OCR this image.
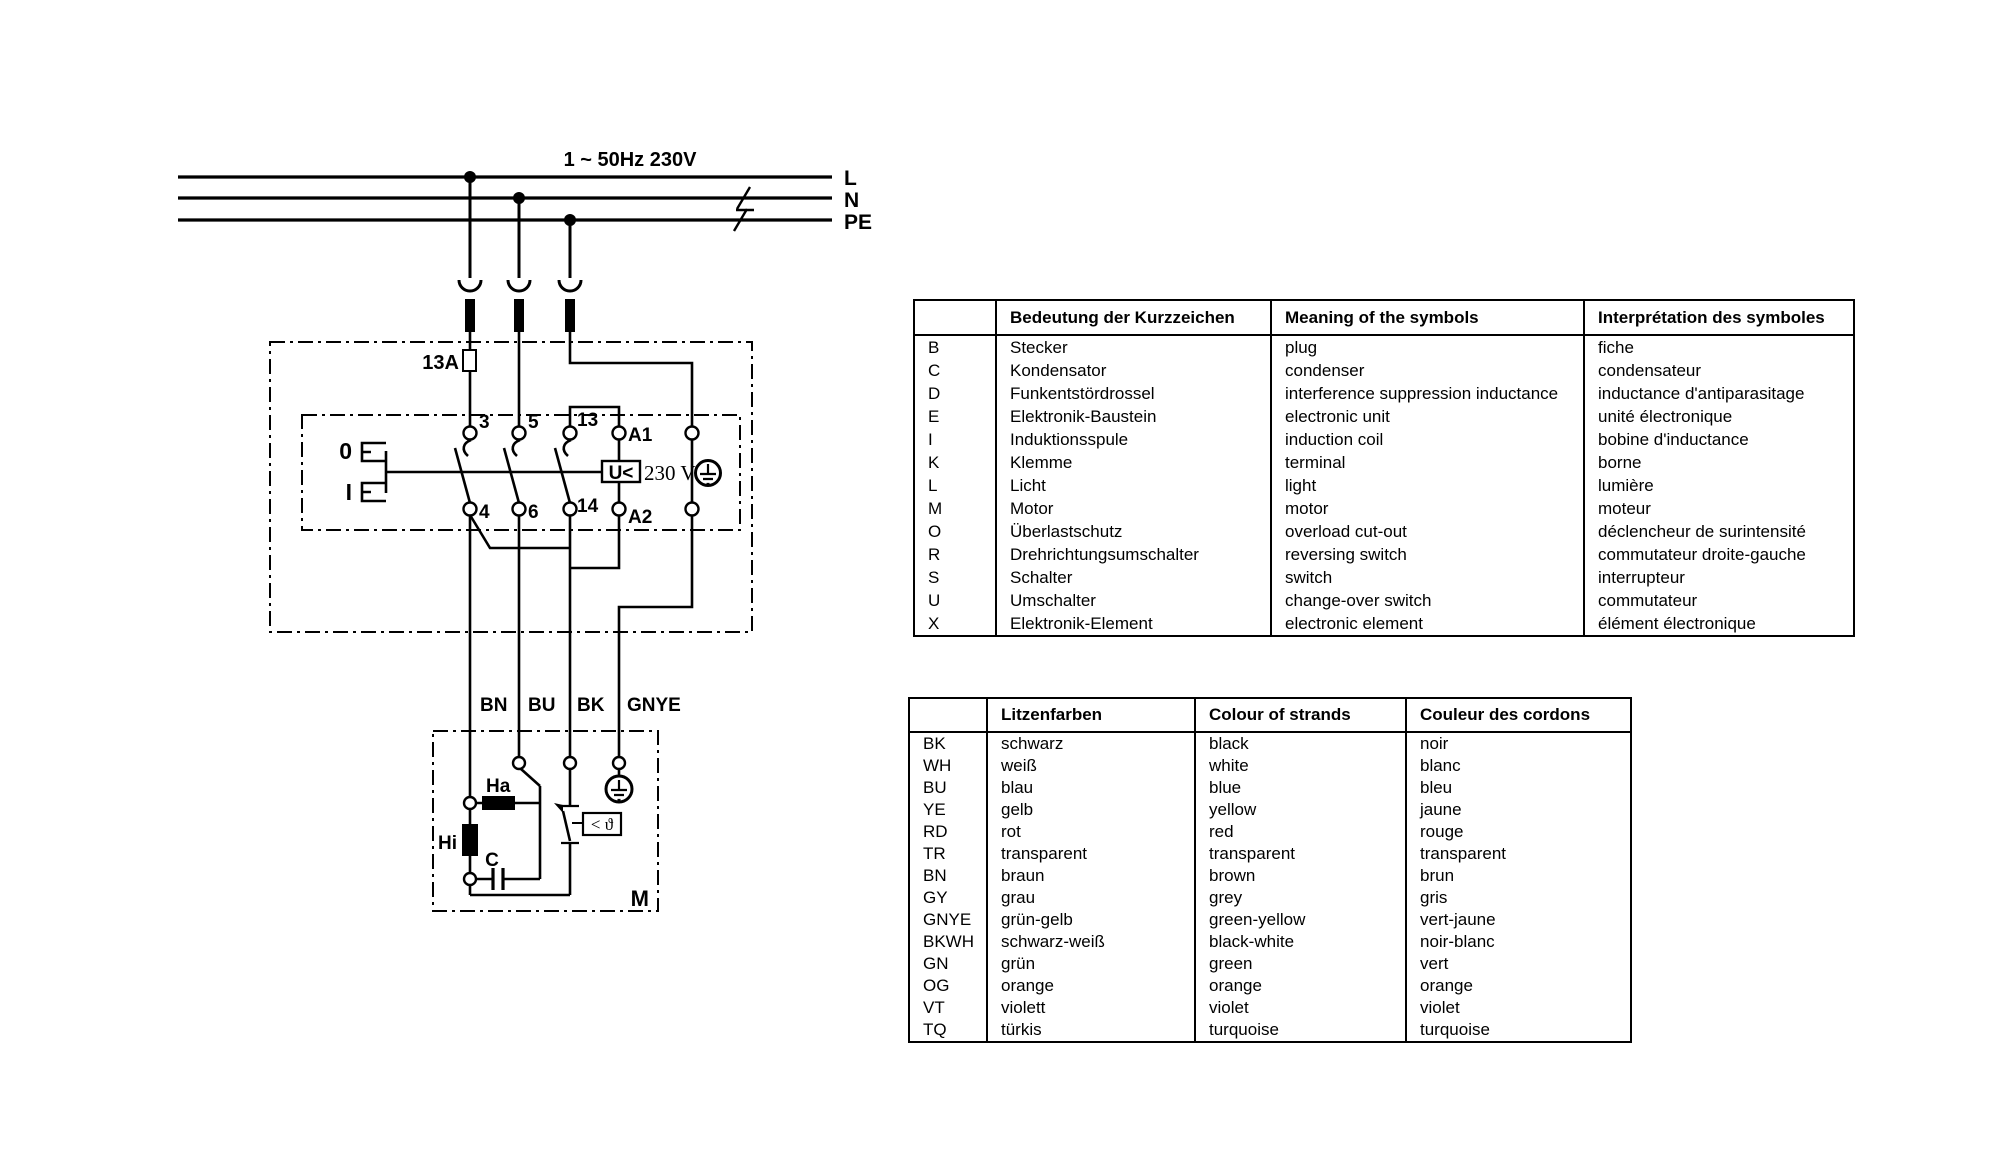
1 ~ 50Hz 230V
L
N
PE
13A
0
I
3 5 13
A1
4 6 14
A2
U< 230 V
BN BU BK GNYE
< ϑ
Ha
Hi
C
M
	Bedeutung der Kurzzeichen	Meaning of the symbols	Interprétation des symboles
B	Stecker	plug	fiche
C	Kondensator	condenser	condensateur
D	Funkentstördrossel	interference suppression inductance	inductance d'antiparasitage
E	Elektronik-Baustein	electronic unit	unité électronique
I	Induktionsspule	induction coil	bobine d'inductance
K	Klemme	terminal	borne
L	Licht	light	lumière
M	Motor	motor	moteur
O	Überlastschutz	overload cut-out	déclencheur de surintensité
R	Drehrichtungsumschalter	reversing switch	commutateur droite-gauche
S	Schalter	switch	interrupteur
U	Umschalter	change-over switch	commutateur
X	Elektronik-Element	electronic element	élément électronique
	Litzenfarben	Colour of strands	Couleur des cordons
BK	schwarz	black	noir
WH	weiß	white	blanc
BU	blau	blue	bleu
YE	gelb	yellow	jaune
RD	rot	red	rouge
TR	transparent	transparent	transparent
BN	braun	brown	brun
GY	grau	grey	gris
GNYE	grün-gelb	green-yellow	vert-jaune
BKWH	schwarz-weiß	black-white	noir-blanc
GN	grün	green	vert
OG	orange	orange	orange
VT	violett	violet	violet
TQ	türkis	turquoise	turquoise
